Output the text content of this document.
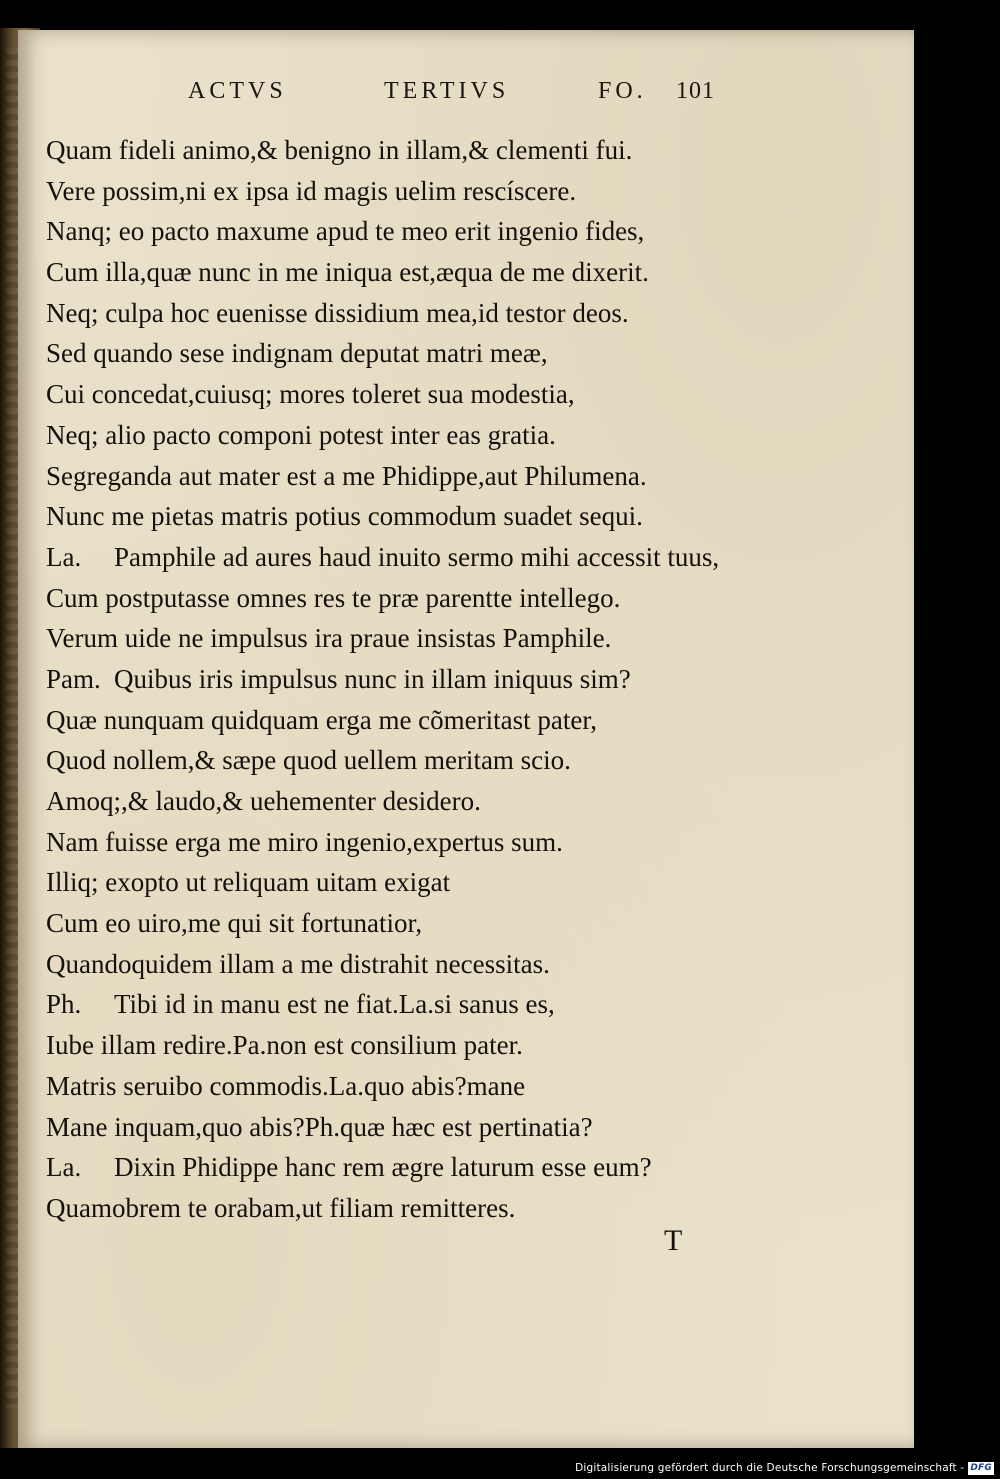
ACTVS	TERTIVS	FO. 101
Quam fideli animo,& benigno in illam,& clementi fui.
Vere possim,ni ex ipsa id magis uelim rescíscere.
Nanq; eo pacto maxume apud te meo erit ingenio fides,
Cum illa,quæ nunc in me iniqua est,æqua de me dixerit.
Neq; culpa hoc euenisse dissidium mea,id testor deos.
Sed quando sese indignam deputat matri meæ,
Cui concedat,cuiusq; mores toleret sua modestia,
Neq; alio pacto componi potest inter eas gratia.
Segreganda aut mater est a me Phidippe,aut Philumena.
Nunc me pietas matris potius commodum suadet sequi.
La. Pamphile ad aures haud inuito sermo mihi accessit tuus,
Cum postputasse omnes res te præ parentte intellego.
Verum uide ne impulsus ira praue insistas Pamphile.
Pam. Quibus iris impulsus nunc in illam iniquus sim?
Quæ nunquam quidquam erga me cõmeritast pater,
Quod nollem,& sæpe quod uellem meritam scio.
Amoq;,& laudo,& uehementer desidero.
Nam fuisse erga me miro ingenio,expertus sum.
Illiq; exopto ut reliquam uitam exigat
Cum eo uiro,me qui sit fortunatior,
Quandoquidem illam a me distrahit necessitas.
Ph. Tibi id in manu est ne fiat.La.si sanus es,
Iube illam redire.Pa.non est consilium pater.
Matris seruibo commodis.La.quo abis?mane
Mane inquam,quo abis?Ph.quæ hæc est pertinatia?
La. Dixin Phidippe hanc rem ægre laturum esse eum?
Quamobrem te orabam,ut filiam remitteres.
T
Digitalisierung gefördert durch die Deutsche Forschungsgemeinschaft - DFG
